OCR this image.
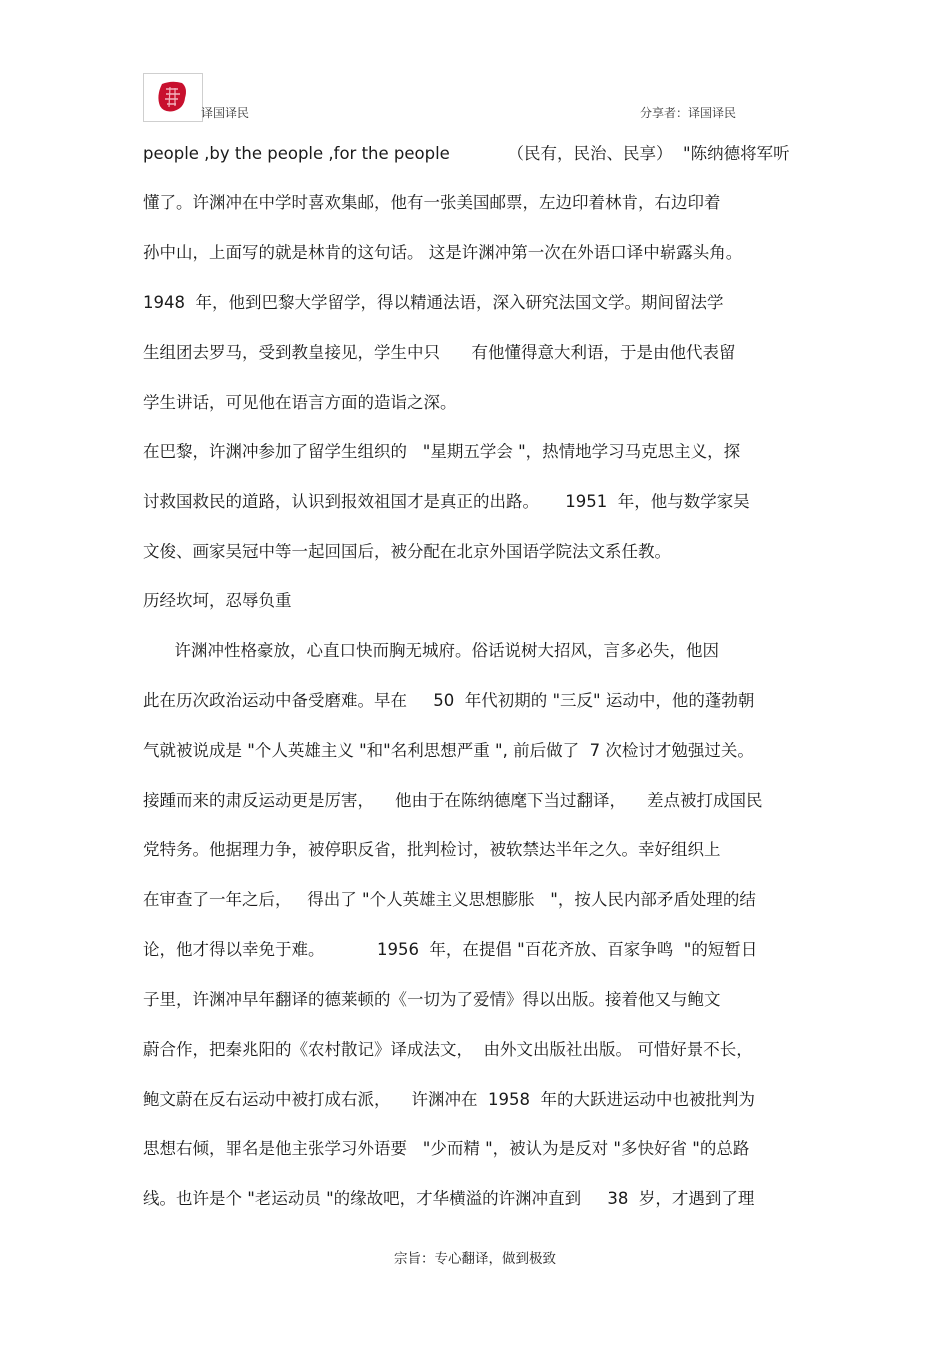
译国译民	分享者：译国译民
people ,by the people ,for the people           （民有，民治、民享）  "陈纳德将军听
懂了。许渊冲在中学时喜欢集邮，他有一张美国邮票，左边印着林肯，右边印着
孙中山，上面写的就是林肯的这句话。 这是许渊冲第一次在外语口译中崭露头角。
1948  年，他到巴黎大学留学，得以精通法语，深入研究法国文学。期间留法学
生组团去罗马，受到教皇接见，学生中只      有他懂得意大利语，于是由他代表留
学生讲话，可见他在语言方面的造诣之深。
在巴黎，许渊冲参加了留学生组织的   "星期五学会 "，热情地学习马克思主义，探
讨救国救民的道路，认识到报效祖国才是真正的出路。     1951  年，他与数学家吴
文俊、画家吴冠中等一起回国后，被分配在北京外国语学院法文系任教。
历经坎坷，忍辱负重
许渊冲性格豪放，心直口快而胸无城府。俗话说树大招风，言多必失，他因
此在历次政治运动中备受磨难。早在     50  年代初期的 "三反" 运动中，他的蓬勃朝
气就被说成是 "个人英雄主义 "和"名利思想严重 ", 前后做了  7 次检讨才勉强过关。
接踵而来的肃反运动更是厉害，    他由于在陈纳德麾下当过翻译，    差点被打成国民
党特务。他据理力争，被停职反省，批判检讨，被软禁达半年之久。幸好组织上
在审查了一年之后，   得出了 "个人英雄主义思想膨胀   "，按人民内部矛盾处理的结
论，他才得以幸免于难。          1956  年，在提倡 "百花齐放、百家争鸣  "的短暂日
子里，许渊冲早年翻译的德莱顿的《一切为了爱情》得以出版。接着他又与鲍文
蔚合作，把秦兆阳的《农村散记》译成法文，  由外文出版社出版。 可惜好景不长，
鲍文蔚在反右运动中被打成右派，    许渊冲在  1958  年的大跃进运动中也被批判为
思想右倾，罪名是他主张学习外语要   "少而精 "，被认为是反对 "多快好省 "的总路
线。也许是个 "老运动员 "的缘故吧，才华横溢的许渊冲直到     38  岁，才遇到了理
宗旨：专心翻译，做到极致
